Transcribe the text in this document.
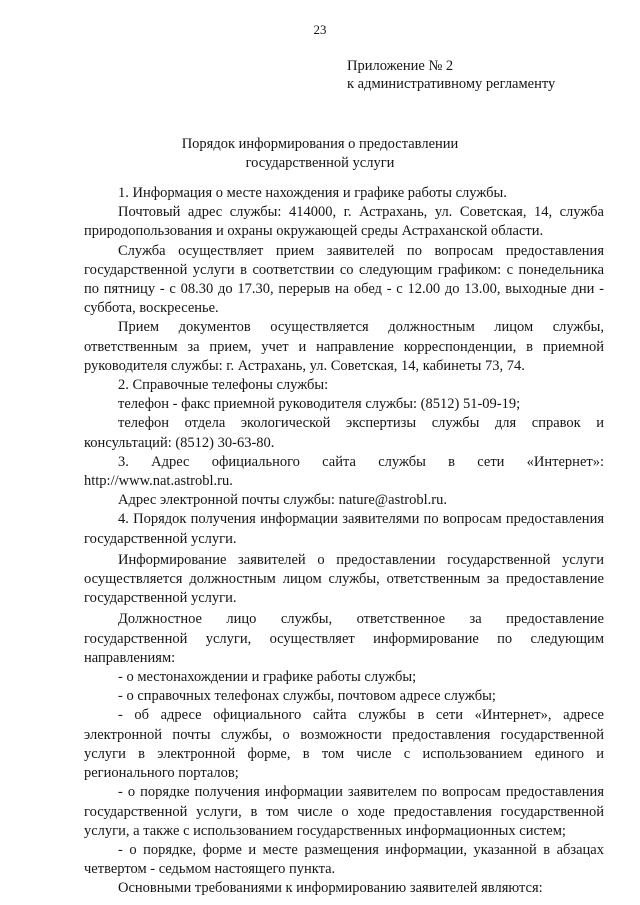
23
Приложение № 2
к административному регламенту
Порядок информирования о предоставлении
государственной услуги

1. Информация о месте нахождения и графике работы службы.

Почтовый адрес службы: 414000, г. Астрахань, ул. Советская, 14, служба природопользования и охраны окружающей среды Астраханской области.

Служба осуществляет прием заявителей по вопросам предоставления государственной услуги в соответствии со следующим графиком: с понедельника по пятницу - с 08.30 до 17.30, перерыв на обед - с 12.00 до 13.00, выходные дни - суббота, воскресенье.

Прием документов осуществляется должностным лицом службы, ответственным за прием, учет и направление корреспонденции, в приемной руководителя службы: г. Астрахань, ул. Советская, 14, кабинеты 73, 74.

2. Справочные телефоны службы:

телефон - факс приемной руководителя службы: (8512) 51-09-19;

телефон отдела экологической экспертизы службы для справок и консультаций: (8512) 30-63-80.

3. Адрес официального сайта службы в сети «Интернет»: http://www.nat.astrobl.ru.

Адрес электронной почты службы: nature@astrobl.ru.

4. Порядок получения информации заявителями по вопросам предоставления государственной услуги.

Информирование заявителей о предоставлении государственной услуги осуществляется должностным лицом службы, ответственным за предоставление государственной услуги.

Должностное лицо службы, ответственное за предоставление государственной услуги, осуществляет информирование по следующим направлениям:

- о местонахождении и графике работы службы;

- о справочных телефонах службы, почтовом адресе службы;

- об адресе официального сайта службы в сети «Интернет», адресе электронной почты службы, о возможности предоставления государственной услуги в электронной форме, в том числе с использованием единого и регионального порталов;

- о порядке получения информации заявителем по вопросам предоставления государственной услуги, в том числе о ходе предоставления государственной услуги, а также с использованием государственных информационных систем;

- о порядке, форме и месте размещения информации, указанной в абзацах четвертом - седьмом настоящего пункта.

Основными требованиями к информированию заявителей являются:
